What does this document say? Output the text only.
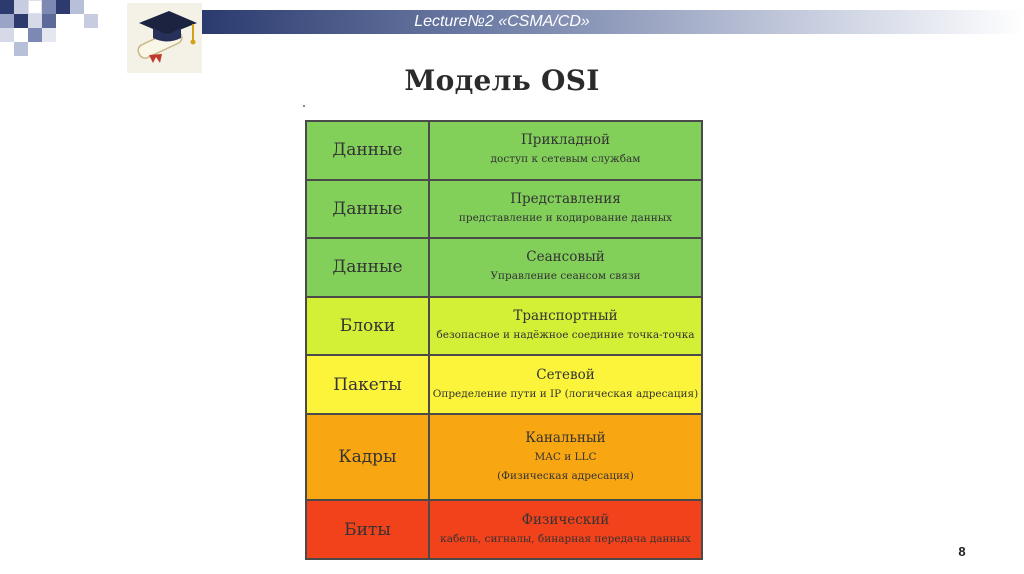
Lecture№2 «CSMA/CD»
Модель OSI
Данные	Прикладной
доступ к сетевым службам

Данные	Представления
представление и кодирование данных

Данные	Сеансовый
Управление сеансом связи

Блоки	Транспортный
безопасное и надёжное соединие точка-точка

Пакеты	Сетевой
Определение пути и IP (логическая адресация)

Кадры	Канальный
MAC и LLC
(Физическая адресация)

Биты	Физический
кабель, сигналы, бинарная передача данных
8
